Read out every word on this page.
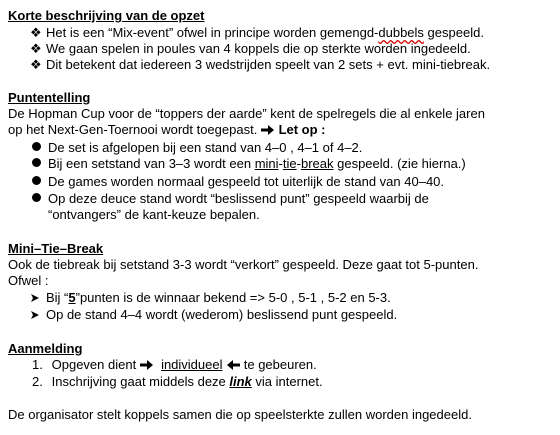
Korte beschrijving van de opzet
❖ Het is een “Mix-event” ofwel in principe worden gemengd-dubbels gespeeld.
❖ We gaan spelen in poules van 4 koppels die op sterkte worden ingedeeld.
❖ Dit betekent dat iedereen 3 wedstrijden speelt van 2 sets + evt. mini-tiebreak.
Puntentelling
De Hopman Cup voor de “toppers der aarde” kent de spelregels die al enkele jaren
op het Next-Gen-Toernooi wordt toegepast. Let op :
De set is afgelopen bij een stand van 4–0 , 4–1 of 4–2.
Bij een setstand van 3–3 wordt een mini-tie-break gespeeld. (zie hierna.)
De games worden normaal gespeeld tot uiterlijk de stand van 40–40.
Op deze deuce stand wordt “beslissend punt” gespeeld waarbij de
“ontvangers” de kant-keuze bepalen.
Mini–Tie–Break
Ook de tiebreak bij setstand 3-3 wordt “verkort” gespeeld. Deze gaat tot 5-punten.
Ofwel :
Bij “5”punten is de winnaar bekend => 5-0 , 5-1 , 5-2 en 5-3.
Op de stand 4–4 wordt (wederom) beslissend punt gespeeld.
Aanmelding
1. Opgeven dient individueel te gebeuren.
2. Inschrijving gaat middels deze link via internet.
De organisator stelt koppels samen die op speelsterkte zullen worden ingedeeld.
